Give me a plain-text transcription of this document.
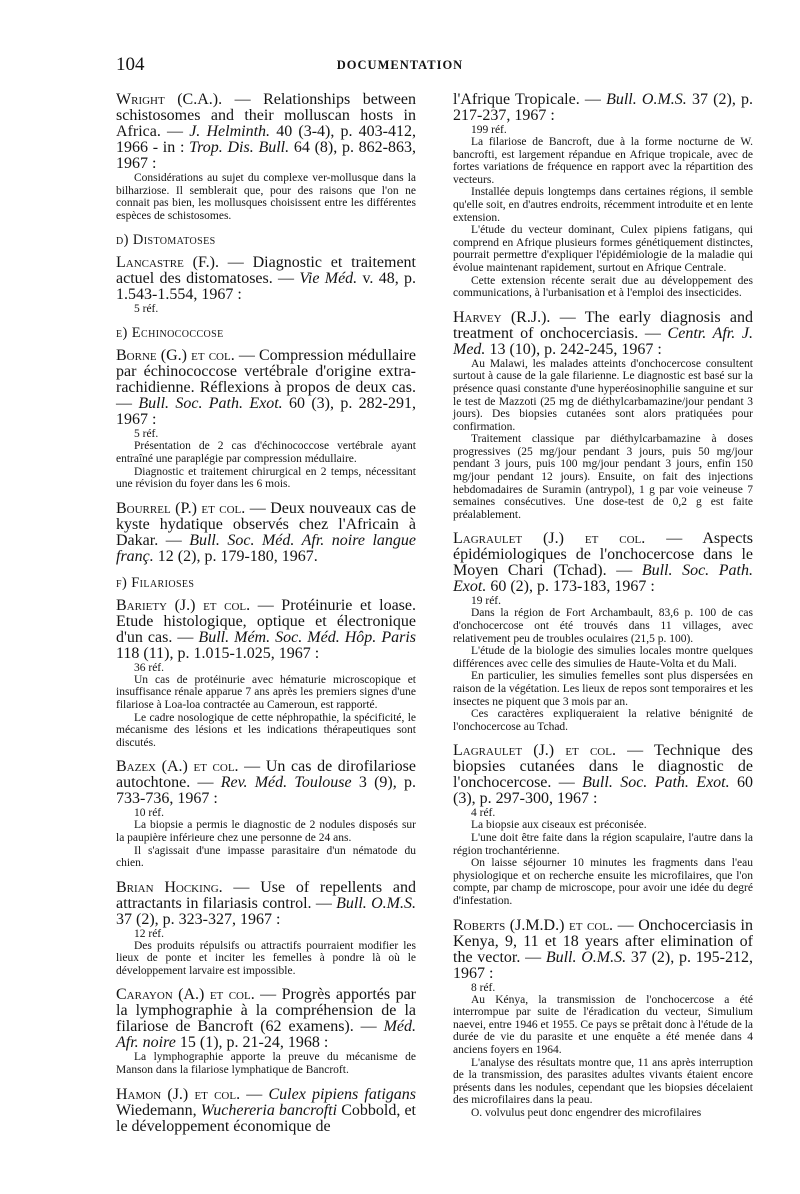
104	DOCUMENTATION
Wright (C.A.). — Relationships between schistosomes and their molluscan hosts in Africa. — J. Helminth. 40 (3-4), p. 403-412, 1966 - in : Trop. Dis. Bull. 64 (8), p. 862-863, 1967 :

Considérations au sujet du complexe ver-mollusque dans la bilharziose. Il semblerait que, pour des raisons que l'on ne connait pas bien, les mollusques choisissent entre les différentes espèces de schistosomes.

d) Distomatoses
Lancastre (F.). — Diagnostic et traitement actuel des distomatoses. — Vie Méd. v. 48, p. 1.543-1.554, 1967 :
5 réf.
e) Echinococcose
Borne (G.) et col. — Compression médullaire par échinococcose vertébrale d'origine extra-rachidienne. Réflexions à propos de deux cas. — Bull. Soc. Path. Exot. 60 (3), p. 282-291, 1967 :
5 réf.

Présentation de 2 cas d'échinococcose vertébrale ayant entraîné une paraplégie par compression médullaire.

Diagnostic et traitement chirurgical en 2 temps, nécessitant une révision du foyer dans les 6 mois.

Bourrel (P.) et col. — Deux nouveaux cas de kyste hydatique observés chez l'Africain à Dakar. — Bull. Soc. Méd. Afr. noire langue franç. 12 (2), p. 179-180, 1967.
f) Filarioses
Bariety (J.) et col. — Protéinurie et loase. Etude histologique, optique et électronique d'un cas. — Bull. Mém. Soc. Méd. Hôp. Paris 118 (11), p. 1.015-1.025, 1967 :
36 réf.

Un cas de protéinurie avec hématurie microscopique et insuffisance rénale apparue 7 ans après les premiers signes d'une filariose à Loa-loa contractée au Cameroun, est rapporté.

Le cadre nosologique de cette néphropathie, la spécificité, le mécanisme des lésions et les indications thérapeutiques sont discutés.

Bazex (A.) et col. — Un cas de dirofilariose autochtone. — Rev. Méd. Toulouse 3 (9), p. 733-736, 1967 :
10 réf.

La biopsie a permis le diagnostic de 2 nodules disposés sur la paupière inférieure chez une personne de 24 ans.

Il s'agissait d'une impasse parasitaire d'un nématode du chien.

Brian Hocking. — Use of repellents and attractants in filariasis control. — Bull. O.M.S. 37 (2), p. 323-327, 1967 :
12 réf.

Des produits répulsifs ou attractifs pourraient modifier les lieux de ponte et inciter les femelles à pondre là où le développement larvaire est impossible.

Carayon (A.) et col. — Progrès apportés par la lymphographie à la compréhension de la filariose de Bancroft (62 examens). — Méd. Afr. noire 15 (1), p. 21-24, 1968 :

La lymphographie apporte la preuve du mécanisme de Manson dans la filariose lymphatique de Bancroft.

Hamon (J.) et col. — Culex pipiens fatigans Wiedemann, Wuchereria bancrofti Cobbold, et le développement économique de
l'Afrique Tropicale. — Bull. O.M.S. 37 (2), p. 217-237, 1967 :
199 réf.

La filariose de Bancroft, due à la forme nocturne de W. bancrofti, est largement répandue en Afrique tropicale, avec de fortes variations de fréquence en rapport avec la répartition des vecteurs.

Installée depuis longtemps dans certaines régions, il semble qu'elle soit, en d'autres endroits, récemment introduite et en lente extension.

L'étude du vecteur dominant, Culex pipiens fatigans, qui comprend en Afrique plusieurs formes génétiquement distinctes, pourrait permettre d'expliquer l'épidémiologie de la maladie qui évolue maintenant rapidement, surtout en Afrique Centrale.

Cette extension récente serait due au développement des communications, à l'urbanisation et à l'emploi des insecticides.

Harvey (R.J.). — The early diagnosis and treatment of onchocerciasis. — Centr. Afr. J. Med. 13 (10), p. 242-245, 1967 :

Au Malawi, les malades atteints d'onchocercose consultent surtout à cause de la gale filarienne. Le diagnostic est basé sur la présence quasi constante d'une hyperéosinophilie sanguine et sur le test de Mazzoti (25 mg de diéthylcarbamazine/jour pendant 3 jours). Des biopsies cutanées sont alors pratiquées pour confirmation.

Traitement classique par diéthylcarbamazine à doses progressives (25 mg/jour pendant 3 jours, puis 50 mg/jour pendant 3 jours, puis 100 mg/jour pendant 3 jours, enfin 150 mg/jour pendant 12 jours). Ensuite, on fait des injections hebdomadaires de Suramin (antrypol), 1 g par voie veineuse 7 semaines consécutives. Une dose-test de 0,2 g est faite préalablement.

Lagraulet (J.) et col. — Aspects épidémiologiques de l'onchocercose dans le Moyen Chari (Tchad). — Bull. Soc. Path. Exot. 60 (2), p. 173-183, 1967 :
19 réf.

Dans la région de Fort Archambault, 83,6 p. 100 de cas d'onchocercose ont été trouvés dans 11 villages, avec relativement peu de troubles oculaires (21,5 p. 100).

L'étude de la biologie des simulies locales montre quelques différences avec celle des simulies de Haute-Volta et du Mali.

En particulier, les simulies femelles sont plus dispersées en raison de la végétation. Les lieux de repos sont temporaires et les insectes ne piquent que 3 mois par an.

Ces caractères expliqueraient la relative bénignité de l'onchocercose au Tchad.

Lagraulet (J.) et col. — Technique des biopsies cutanées dans le diagnostic de l'onchocercose. — Bull. Soc. Path. Exot. 60 (3), p. 297-300, 1967 :
4 réf.

La biopsie aux ciseaux est préconisée.

L'une doit être faite dans la région scapulaire, l'autre dans la région trochantérienne.

On laisse séjourner 10 minutes les fragments dans l'eau physiologique et on recherche ensuite les microfilaires, que l'on compte, par champ de microscope, pour avoir une idée du degré d'infestation.

Roberts (J.M.D.) et col. — Onchocerciasis in Kenya, 9, 11 et 18 years after elimination of the vector. — Bull. O.M.S. 37 (2), p. 195-212, 1967 :
8 réf.

Au Kénya, la transmission de l'onchocercose a été interrompue par suite de l'éradication du vecteur, Simulium naevei, entre 1946 et 1955. Ce pays se prêtait donc à l'étude de la durée de vie du parasite et une enquête a été menée dans 4 anciens foyers en 1964.

L'analyse des résultats montre que, 11 ans après interruption de la transmission, des parasites adultes vivants étaient encore présents dans les nodules, cependant que les biopsies décelaient des microfilaires dans la peau.

O. volvulus peut donc engendrer des microfilaires
